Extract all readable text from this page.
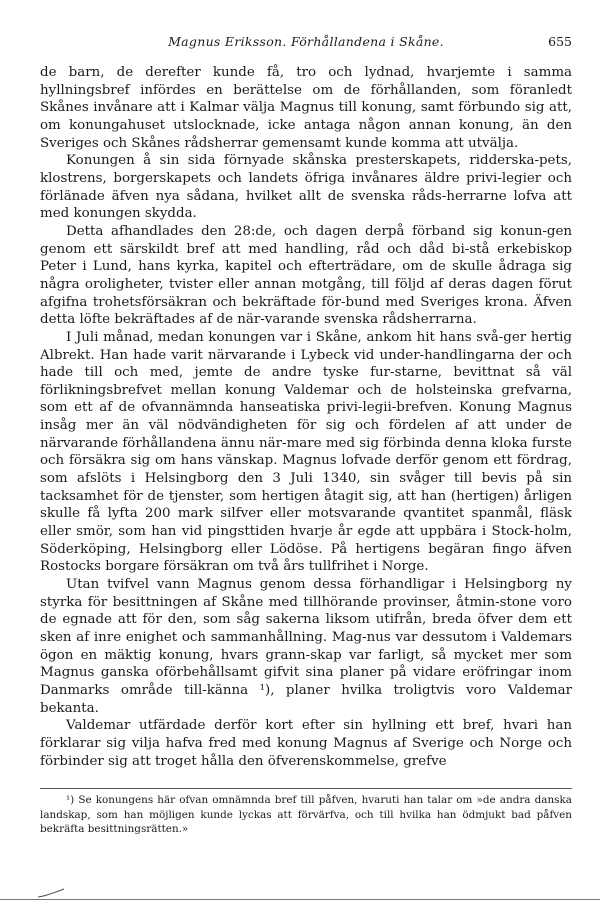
Magnus Eriksson. Förhållandena i Skåne.	655

de barn, de derefter kunde få, tro och lydnad, hvarjemte i samma hyllningsbref infördes en berättelse om de förhållanden, som föranledt Skånes invånare att i Kalmar välja Magnus till konung, samt förbundo sig att, om konungahuset utslocknade, icke antaga någon annan konung, än den Sveriges och Skånes rådsherrar gemensamt kunde komma att utvälja.

Konungen å sin sida förnyade skånska presterskapets, ridderska-pets, klostrens, borgerskapets och landets öfriga invånares äldre privi-legier och förlänade äfven nya sådana, hvilket allt de svenska råds-herrarne lofva att med konungen skydda.

Detta afhandlades den 28:de, och dagen derpå förband sig konun-gen genom ett särskildt bref att med handling, råd och dåd bi-stå erkebiskop Peter i Lund, hans kyrka, kapitel och efterträdare, om de skulle ådraga sig några oroligheter, tvister eller annan motgång, till följd af deras dagen förut afgifna trohetsförsäkran och bekräftade för-bund med Sveriges krona. Äfven detta löfte bekräftades af de när-varande svenska rådsherrarna.

I Juli månad, medan konungen var i Skåne, ankom hit hans svå-ger hertig Albrekt. Han hade varit närvarande i Lybeck vid under-handlingarna der och hade till och med, jemte de andre tyske fur-starne, bevittnat så väl förlikningsbrefvet mellan konung Valdemar och de holsteinska grefvarna, som ett af de ofvannämnda hanseatiska privi-legii-brefven. Konung Magnus insåg mer än väl nödvändigheten för sig och fördelen af att under de närvarande förhållandena ännu när-mare med sig förbinda denna kloka furste och försäkra sig om hans vänskap. Magnus lofvade derför genom ett fördrag, som afslöts i Helsingborg den 3 Juli 1340, sin svåger till bevis på sin tacksamhet för de tjenster, som hertigen åtagit sig, att han (hertigen) årligen skulle få lyfta 200 mark silfver eller motsvarande qvantitet spanmål, fläsk eller smör, som han vid pingsttiden hvarje år egde att uppbära i Stock-holm, Söderköping, Helsingborg eller Lödöse. På hertigens begäran fingo äfven Rostocks borgare försäkran om två års tullfrihet i Norge.

Utan tvifvel vann Magnus genom dessa förhandligar i Helsingborg ny styrka för besittningen af Skåne med tillhörande provinser, åtmin-stone voro de egnade att för den, som såg sakerna liksom utifrån, breda öfver dem ett sken af inre enighet och sammanhållning. Mag-nus var dessutom i Valdemars ögon en mäktig konung, hvars grann-skap var farligt, så mycket mer som Magnus ganska oförbehållsamt gifvit sina planer på vidare eröfringar inom Danmarks område till-känna ¹), planer hvilka troligtvis voro Valdemar bekanta.

Valdemar utfärdade derför kort efter sin hyllning ett bref, hvari han förklarar sig vilja hafva fred med konung Magnus af Sverige och Norge och förbinder sig att troget hålla den öfverenskommelse, grefve

¹) Se konungens här ofvan omnämnda bref till påfven, hvaruti han talar om »de andra danska landskap, som han möjligen kunde lyckas att förvärfva, och till hvilka han ödmjukt bad påfven bekräfta besittningsrätten.»
